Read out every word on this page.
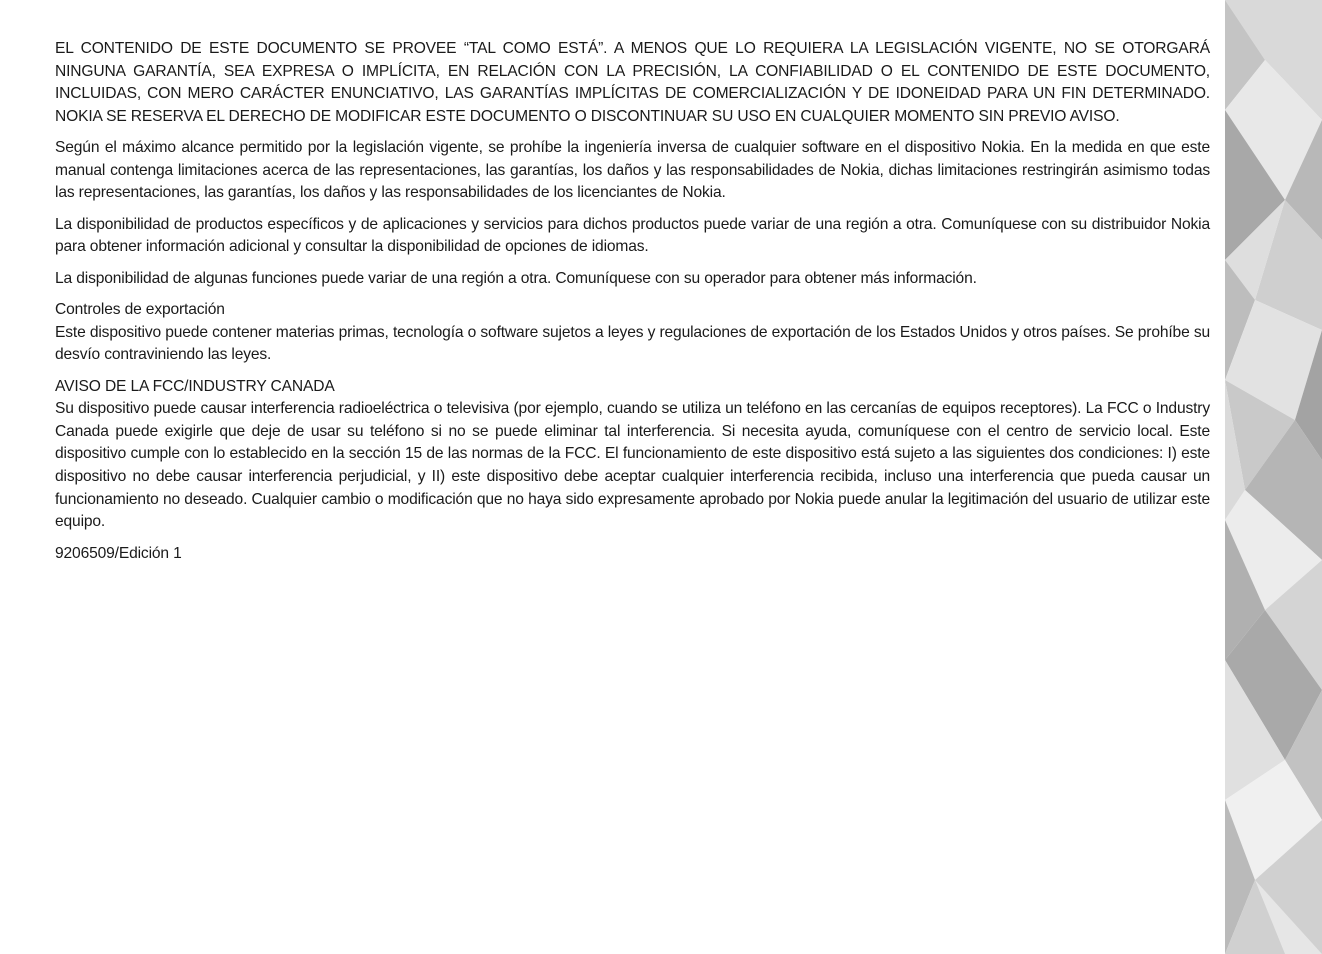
EL CONTENIDO DE ESTE DOCUMENTO SE PROVEE “TAL COMO ESTÁ”. A MENOS QUE LO REQUIERA LA LEGISLACIÓN VIGENTE, NO SE OTORGARÁ NINGUNA GARANTÍA, SEA EXPRESA O IMPLÍCITA, EN RELACIÓN CON LA PRECISIÓN, LA CONFIABILIDAD O EL CONTENIDO DE ESTE DOCUMENTO, INCLUIDAS, CON MERO CARÁCTER ENUNCIATIVO, LAS GARANTÍAS IMPLÍCITAS DE COMERCIALIZACIÓN Y DE IDONEIDAD PARA UN FIN DETERMINADO. NOKIA SE RESERVA EL DERECHO DE MODIFICAR ESTE DOCUMENTO O DISCONTINUAR SU USO EN CUALQUIER MOMENTO SIN PREVIO AVISO.

Según el máximo alcance permitido por la legislación vigente, se prohíbe la ingeniería inversa de cualquier software en el dispositivo Nokia. En la medida en que este manual contenga limitaciones acerca de las representaciones, las garantías, los daños y las responsabilidades de Nokia, dichas limitaciones restringirán asimismo todas las representaciones, las garantías, los daños y las responsabilidades de los licenciantes de Nokia.

La disponibilidad de productos específicos y de aplicaciones y servicios para dichos productos puede variar de una región a otra. Comuníquese con su distribuidor Nokia para obtener información adicional y consultar la disponibilidad de opciones de idiomas.

La disponibilidad de algunas funciones puede variar de una región a otra. Comuníquese con su operador para obtener más información.

Controles de exportación
Este dispositivo puede contener materias primas, tecnología o software sujetos a leyes y regulaciones de exportación de los Estados Unidos y otros países. Se prohíbe su desvío contraviniendo las leyes.
AVISO DE LA FCC/INDUSTRY CANADA
Su dispositivo puede causar interferencia radioeléctrica o televisiva (por ejemplo, cuando se utiliza un teléfono en las cercanías de equipos receptores). La FCC o Industry Canada puede exigirle que deje de usar su teléfono si no se puede eliminar tal interferencia. Si necesita ayuda, comuníquese con el centro de servicio local. Este dispositivo cumple con lo establecido en la sección 15 de las normas de la FCC. El funcionamiento de este dispositivo está sujeto a las siguientes dos condiciones: I) este dispositivo no debe causar interferencia perjudicial, y II) este dispositivo debe aceptar cualquier interferencia recibida, incluso una interferencia que pueda causar un funcionamiento no deseado. Cualquier cambio o modificación que no haya sido expresamente aprobado por Nokia puede anular la legitimación del usuario de utilizar este equipo.

9206509/Edición 1
